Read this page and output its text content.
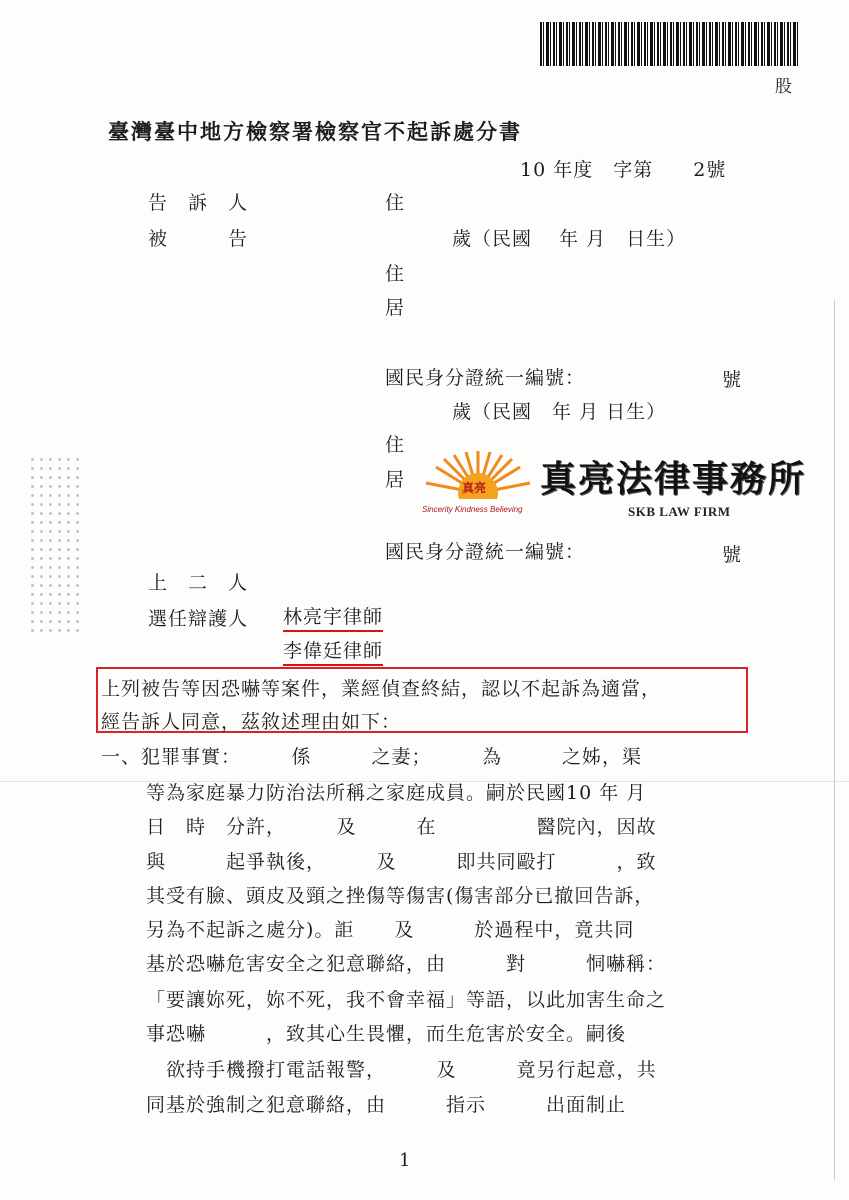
股
臺灣臺中地方檢察署檢察官不起訴處分書
10 年度　字第　　2號
告　訴　人	住
被　　　告	歲（民國　 年 月　日生）
住
居
國民身分證統一編號：	號
歲（民國　年 月 日生）
住
居	真亮
Sincerity Kindness Believing
真亮法律事務所
SKB LAW FIRM
國民身分證統一編號：	號
上　二　人
選任辯護人 林亮宇律師
李偉廷律師
上列被告等因恐嚇等案件，業經偵查終結，認以不起訴為適當，
經告訴人同意，茲敘述理由如下：
一、犯罪事實：　　　係　　　之妻；　　　為　　　之姊，渠
等為家庭暴力防治法所稱之家庭成員。嗣於民國10 年 月
日　時　分許，　　　及　　　在　　　　　醫院內，因故
與　　　起爭執後，　　　及　　　即共同毆打　　　，致
其受有臉、頭皮及頸之挫傷等傷害(傷害部分已撤回告訴，
另為不起訴之處分)。詎　　及　　　於過程中，竟共同
基於恐嚇危害安全之犯意聯絡，由　　　對　　　恫嚇稱：
「要讓妳死，妳不死，我不會幸福」等語，以此加害生命之
事恐嚇　　　，致其心生畏懼，而生危害於安全。嗣後
　欲持手機撥打電話報警，　　　及　　　竟另行起意，共
同基於強制之犯意聯絡，由　　　指示　　　出面制止
1
